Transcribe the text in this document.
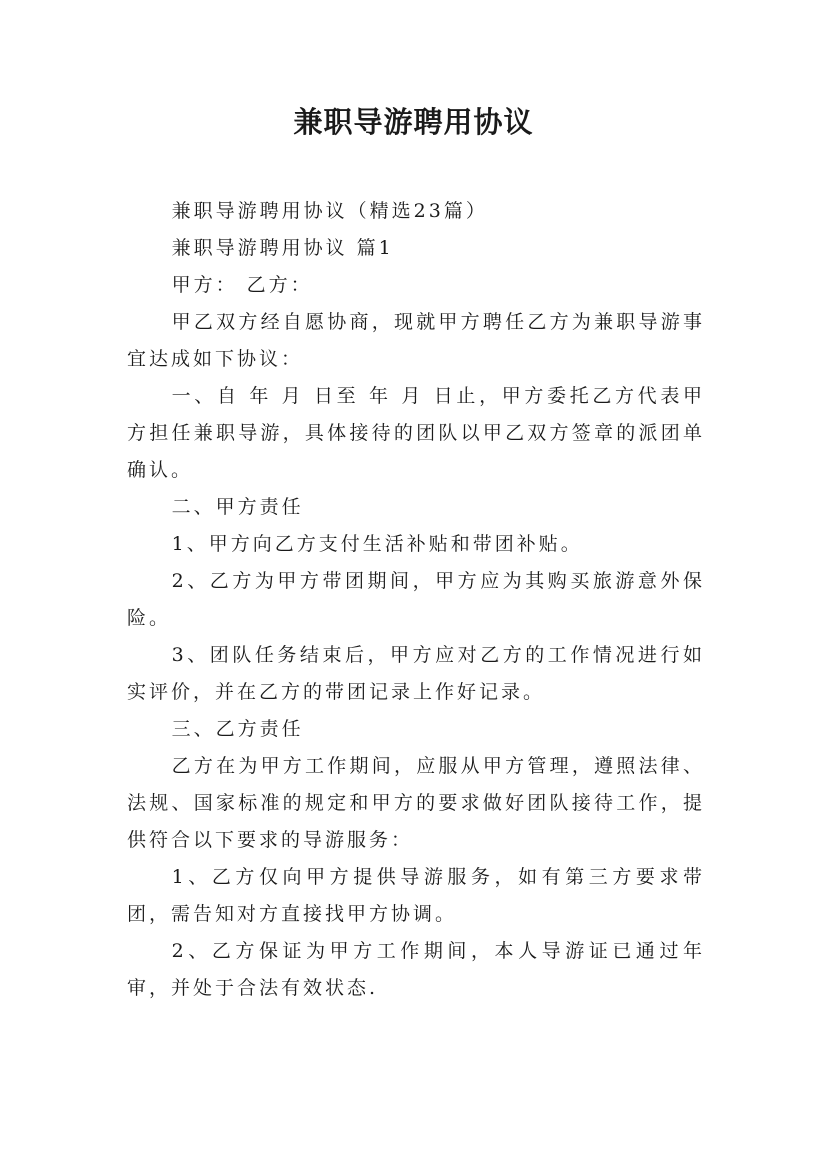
兼职导游聘用协议

兼职导游聘用协议（精选23篇）

兼职导游聘用协议 篇1

甲方： 乙方：

甲乙双方经自愿协商，现就甲方聘任乙方为兼职导游事宜达成如下协议：

一、自 年 月 日至 年 月 日止，甲方委托乙方代表甲方担任兼职导游，具体接待的团队以甲乙双方签章的派团单确认。

二、甲方责任

1、甲方向乙方支付生活补贴和带团补贴。

2、乙方为甲方带团期间，甲方应为其购买旅游意外保险。

3、团队任务结束后，甲方应对乙方的工作情况进行如实评价，并在乙方的带团记录上作好记录。

三、乙方责任

乙方在为甲方工作期间，应服从甲方管理，遵照法律、法规、国家标准的规定和甲方的要求做好团队接待工作，提供符合以下要求的导游服务：

1、乙方仅向甲方提供导游服务，如有第三方要求带团，需告知对方直接找甲方协调。

2、乙方保证为甲方工作期间，本人导游证已通过年审，并处于合法有效状态.
